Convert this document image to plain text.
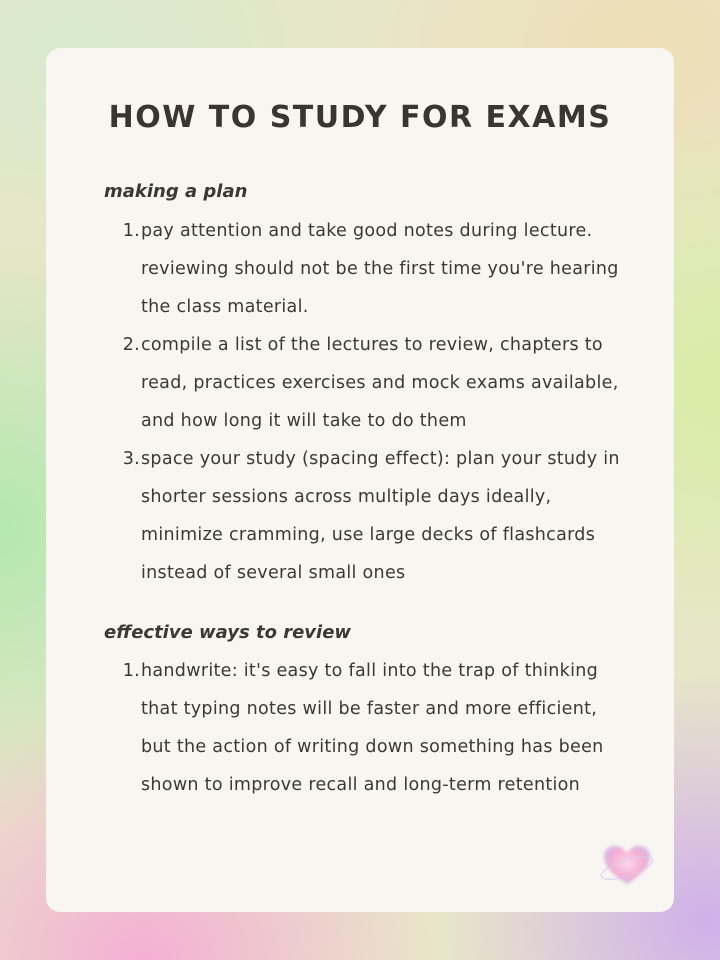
HOW TO STUDY FOR EXAMS
making a plan
1. pay attention and take good notes during lecture. reviewing should not be the first time you're hearing the class material.
2. compile a list of the lectures to review, chapters to read, practices exercises and mock exams available, and how long it will take to do them
3. space your study (spacing effect): plan your study in shorter sessions across multiple days ideally, minimize cramming, use large decks of flashcards instead of several small ones
effective ways to review
1. handwrite: it's easy to fall into the trap of thinking that typing notes will be faster and more efficient, but the action of writing down something has been shown to improve recall and long-term retention
